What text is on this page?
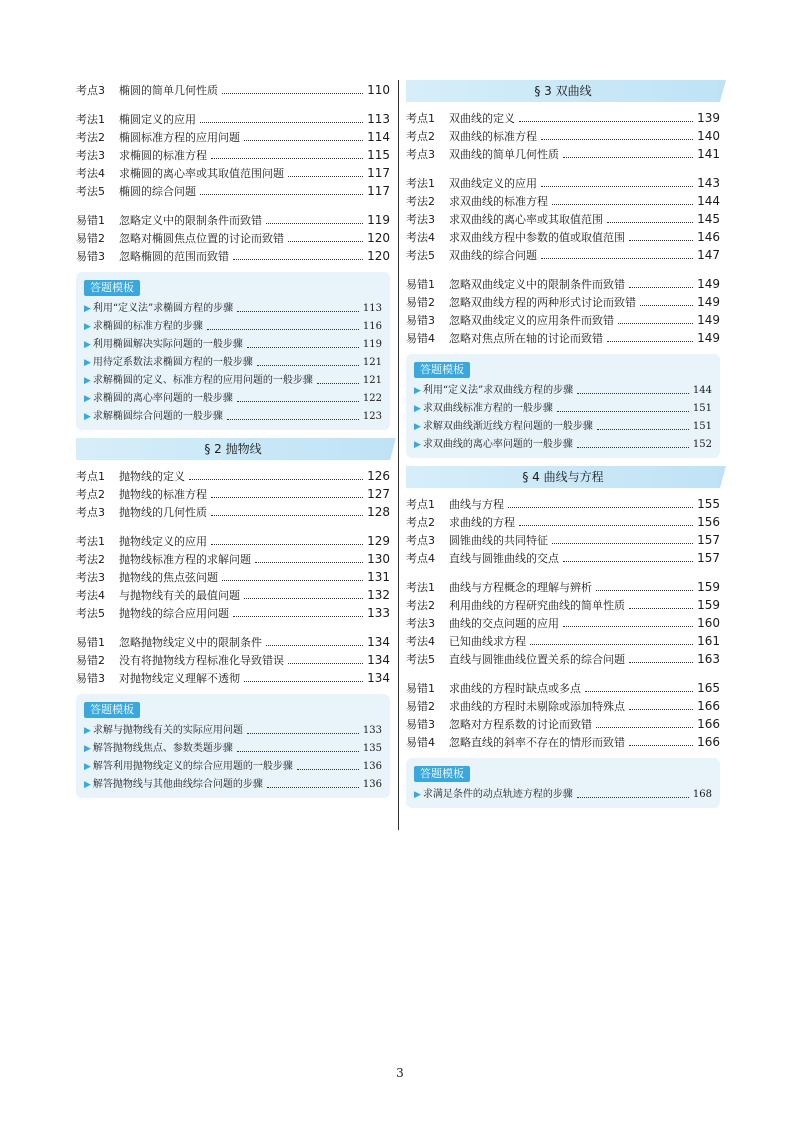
考点3	椭圆的简单几何性质	110
考法1	椭圆定义的应用	113
考法2	椭圆标准方程的应用问题	114
考法3	求椭圆的标准方程	115
考法4	求椭圆的离心率或其取值范围问题	117
考法5	椭圆的综合问题	117
易错1	忽略定义中的限制条件而致错	119
易错2	忽略对椭圆焦点位置的讨论而致错	120
易错3	忽略椭圆的范围而致错	120
答题模板
▶ 利用“定义法”求椭圆方程的步骤	113
▶ 求椭圆的标准方程的步骤	116
▶ 利用椭圆解决实际问题的一般步骤	119
▶ 用待定系数法求椭圆方程的一般步骤	121
▶ 求解椭圆的定义、标准方程的应用问题的一般步骤	121
▶ 求椭圆的离心率问题的一般步骤	122
▶ 求解椭圆综合问题的一般步骤	123
§ 2 抛物线
考点1	抛物线的定义	126
考点2	抛物线的标准方程	127
考点3	抛物线的几何性质	128
考法1	抛物线定义的应用	129
考法2	抛物线标准方程的求解问题	130
考法3	抛物线的焦点弦问题	131
考法4	与抛物线有关的最值问题	132
考法5	抛物线的综合应用问题	133
易错1	忽略抛物线定义中的限制条件	134
易错2	没有将抛物线方程标准化导致错误	134
易错3	对抛物线定义理解不透彻	134
答题模板
▶ 求解与抛物线有关的实际应用问题	133
▶ 解答抛物线焦点、参数类题步骤	135
▶ 解答利用抛物线定义的综合应用题的一般步骤	136
▶ 解答抛物线与其他曲线综合问题的步骤	136
§ 3 双曲线
考点1	双曲线的定义	139
考点2	双曲线的标准方程	140
考点3	双曲线的简单几何性质	141
考法1	双曲线定义的应用	143
考法2	求双曲线的标准方程	144
考法3	求双曲线的离心率或其取值范围	145
考法4	求双曲线方程中参数的值或取值范围	146
考法5	双曲线的综合问题	147
易错1	忽略双曲线定义中的限制条件而致错	149
易错2	忽略双曲线方程的两种形式讨论而致错	149
易错3	忽略双曲线定义的应用条件而致错	149
易错4	忽略对焦点所在轴的讨论而致错	149
答题模板
▶ 利用“定义法”求双曲线方程的步骤	144
▶ 求双曲线标准方程的一般步骤	151
▶ 求解双曲线渐近线方程问题的一般步骤	151
▶ 求双曲线的离心率问题的一般步骤	152
§ 4 曲线与方程
考点1	曲线与方程	155
考点2	求曲线的方程	156
考点3	圆锥曲线的共同特征	157
考点4	直线与圆锥曲线的交点	157
考法1	曲线与方程概念的理解与辨析	159
考法2	利用曲线的方程研究曲线的简单性质	159
考法3	曲线的交点问题的应用	160
考法4	已知曲线求方程	161
考法5	直线与圆锥曲线位置关系的综合问题	163
易错1	求曲线的方程时缺点或多点	165
易错2	求曲线的方程时未剔除或添加特殊点	166
易错3	忽略对方程系数的讨论而致错	166
易错4	忽略直线的斜率不存在的情形而致错	166
答题模板
▶ 求满足条件的动点轨迹方程的步骤	168
3
